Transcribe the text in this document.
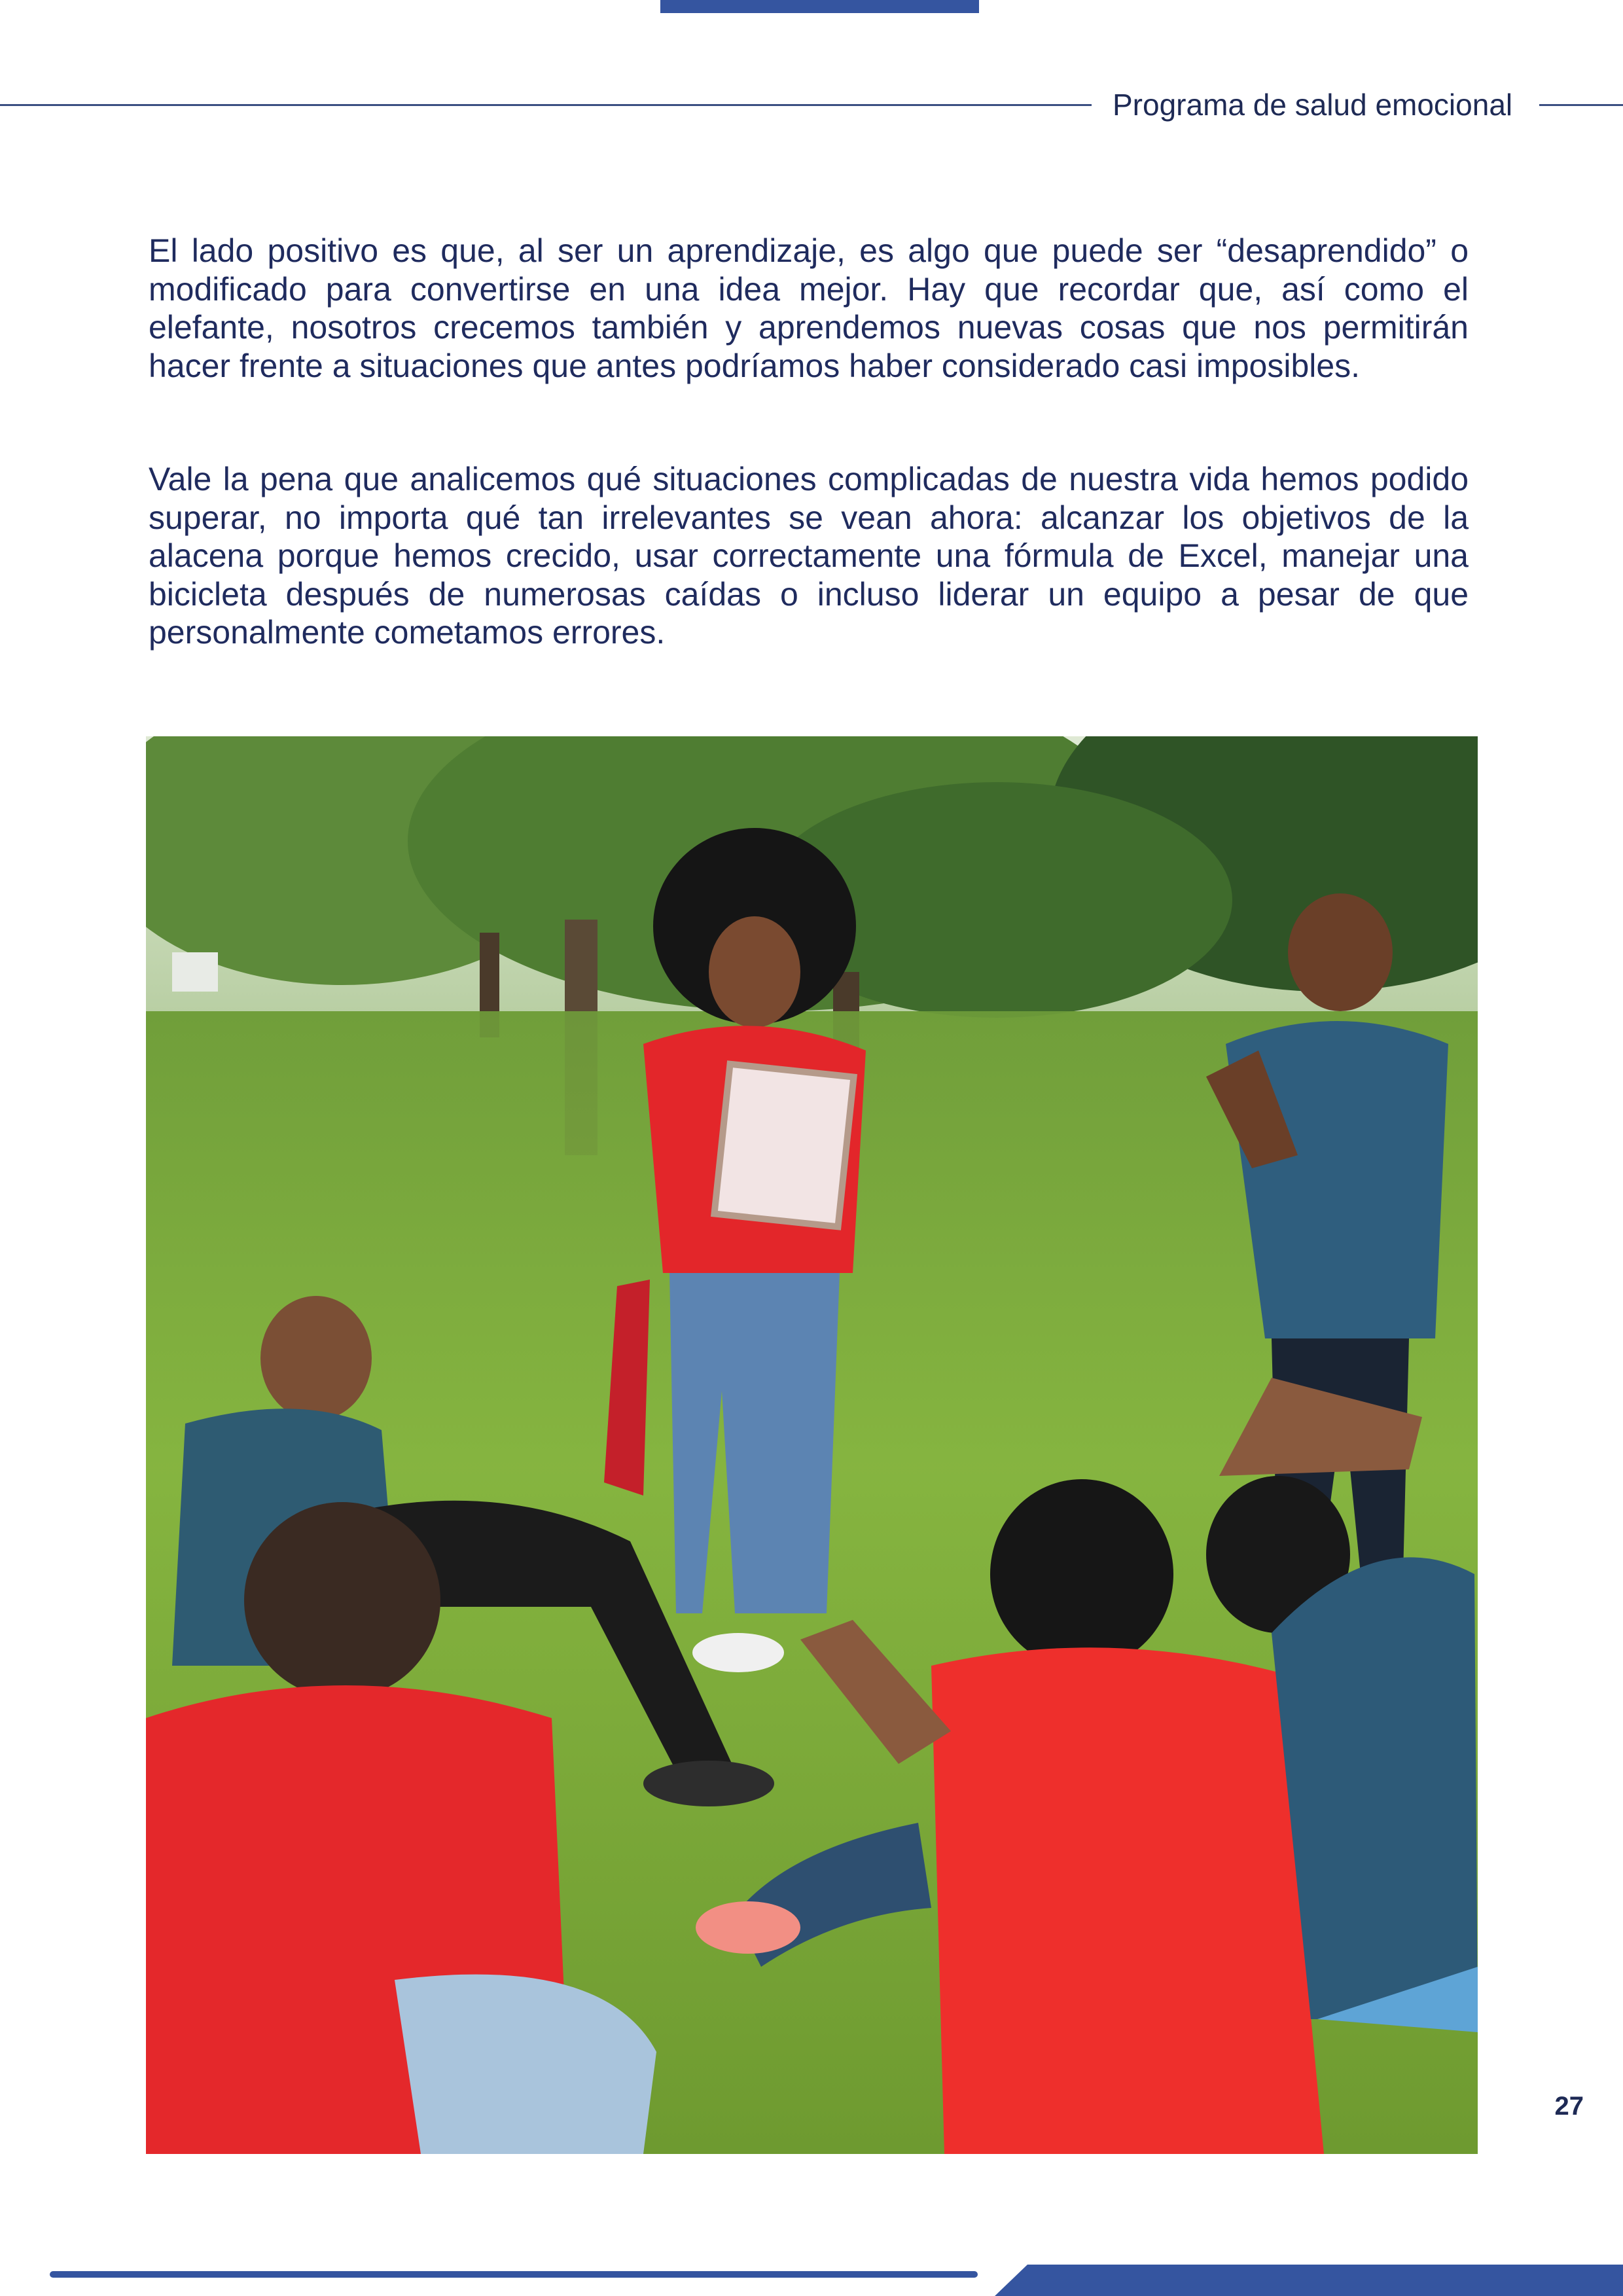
Programa de salud emocional

El lado positivo es que, al ser un aprendizaje, es algo que puede ser “desaprendido” o modificado para convertirse en una idea mejor. Hay que recordar que, así como el elefante, nosotros crecemos también y aprendemos nuevas cosas que nos permitirán hacer frente a situaciones que antes podríamos haber considerado casi imposibles.

Vale la pena que analicemos qué situaciones complicadas de nuestra vida hemos podido superar, no importa qué tan irrelevantes se vean ahora: alcanzar los objetivos de la alacena porque hemos crecido, usar correctamente una fórmula de Excel, manejar una bicicleta después de numerosas caídas o incluso liderar un equipo a pesar de que personalmente cometamos errores.

27
